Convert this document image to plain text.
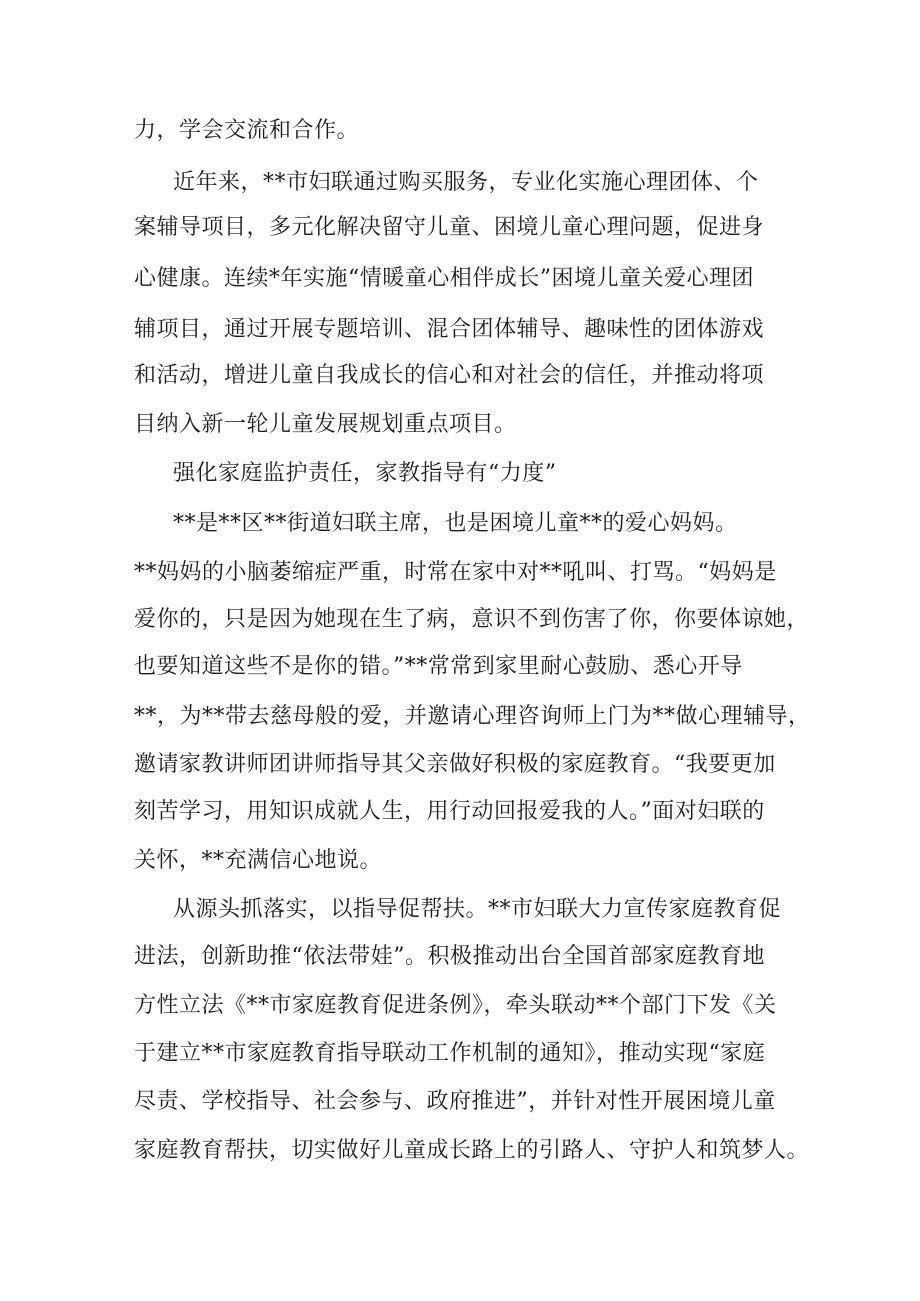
力，学会交流和合作。
近年来，**市妇联通过购买服务，专业化实施心理团体、个
案辅导项目，多元化解决留守儿童、困境儿童心理问题，促进身
心健康。连续*年实施“情暖童心相伴成长”困境儿童关爱心理团
辅项目，通过开展专题培训、混合团体辅导、趣味性的团体游戏
和活动，增进儿童自我成长的信心和对社会的信任，并推动将项
目纳入新一轮儿童发展规划重点项目。
强化家庭监护责任，家教指导有“力度”
**是**区**街道妇联主席，也是困境儿童**的爱心妈妈。
**妈妈的小脑萎缩症严重，时常在家中对**吼叫、打骂。“妈妈是
爱你的，只是因为她现在生了病，意识不到伤害了你，你要体谅她，
也要知道这些不是你的错。”**常常到家里耐心鼓励、悉心开导
**，为**带去慈母般的爱，并邀请心理咨询师上门为**做心理辅导，
邀请家教讲师团讲师指导其父亲做好积极的家庭教育。“我要更加
刻苦学习，用知识成就人生，用行动回报爱我的人。”面对妇联的
关怀，**充满信心地说。
从源头抓落实，以指导促帮扶。**市妇联大力宣传家庭教育促
进法，创新助推“依法带娃”。积极推动出台全国首部家庭教育地
方性立法《**市家庭教育促进条例》，牵头联动**个部门下发《关
于建立**市家庭教育指导联动工作机制的通知》，推动实现“家庭
尽责、学校指导、社会参与、政府推进”，并针对性开展困境儿童
家庭教育帮扶，切实做好儿童成长路上的引路人、守护人和筑梦人。
